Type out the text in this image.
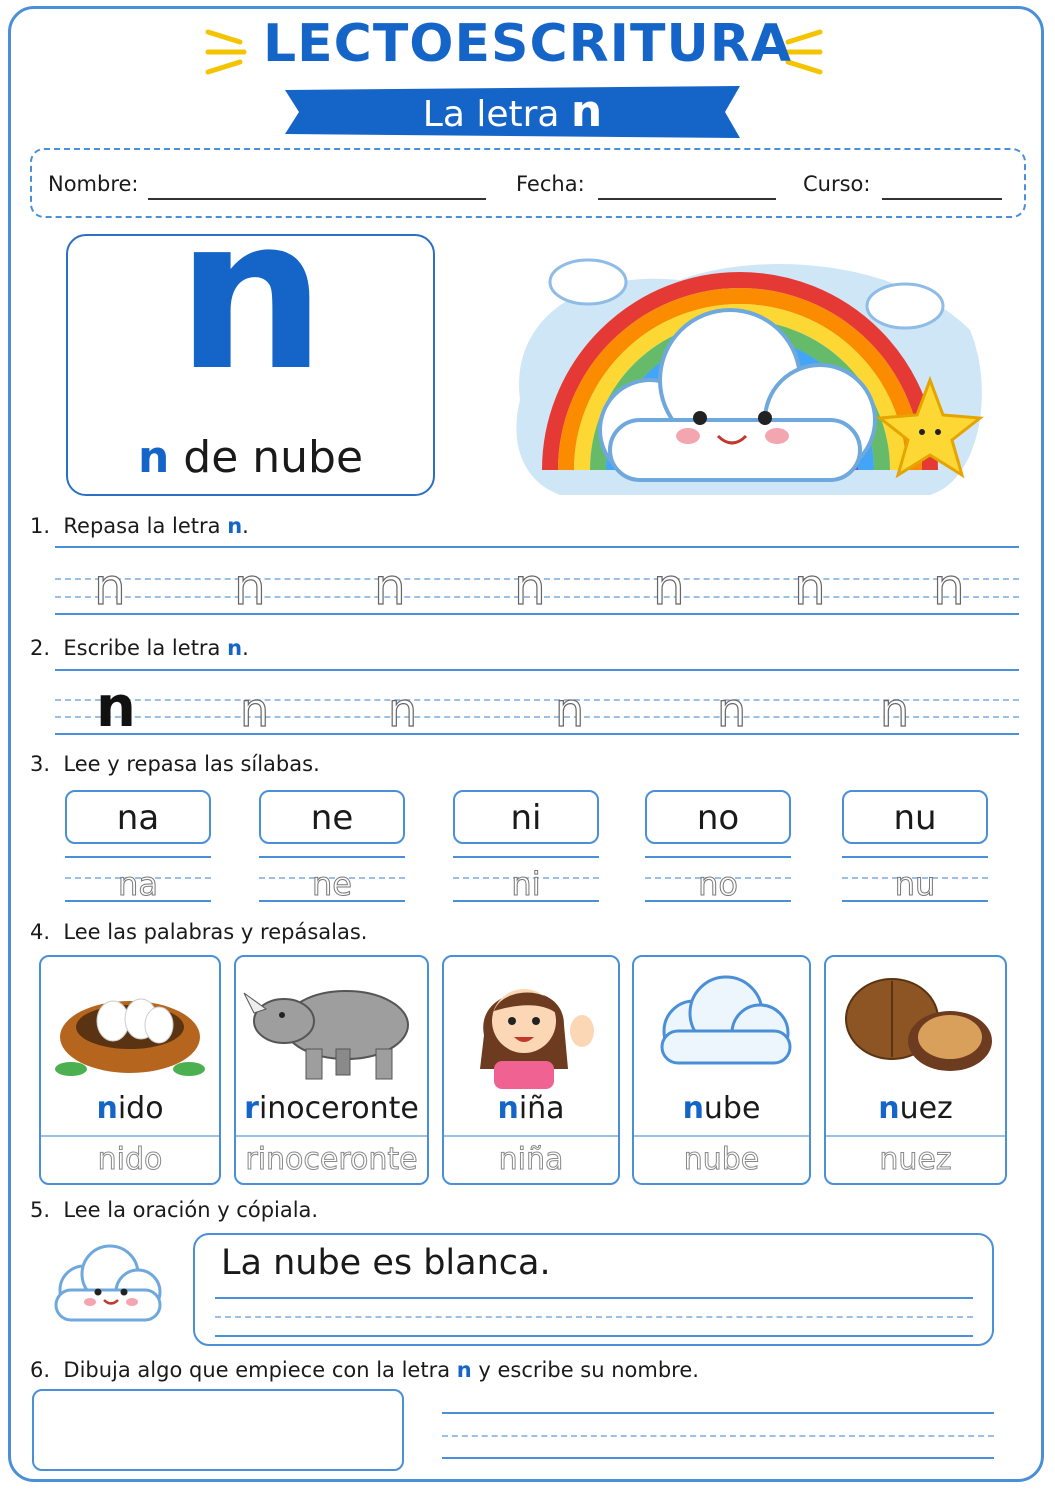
LECTOESCRITURA
La letra n
Nombre:	Fecha:	Curso:
n
n de nube
1. Repasa la letra n.
n n n n n n n
2. Escribe la letra n.
n n	n	n	n	n
3. Lee y repasa las sílabas.
na	ne	ni	no	nu
na	ne	ni	no	nu
4. Lee las palabras y repásalas.
nido
nido
rinoceronte
rinoceronte
niña
niña
nube
nube
nuez
nuez
5. Lee la oración y cópiala.
La nube es blanca.
6. Dibuja algo que empiece con la letra n y escribe su nombre.
